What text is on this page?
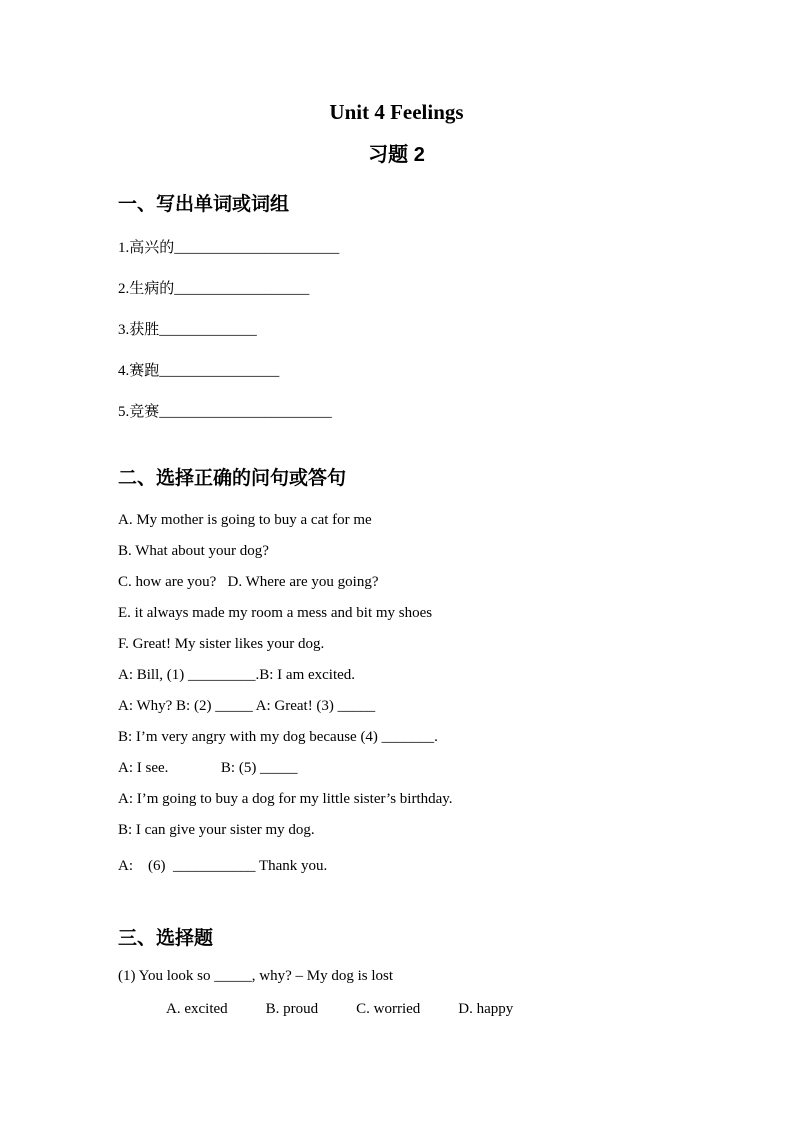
Unit 4 Feelings
习题 2
一、写出单词或词组

1.高兴的______________________

2.生病的__________________

3.获胜_____________

4.赛跑________________

5.竞赛_______________________

二、选择正确的问句或答句

A. My mother is going to buy a cat for me

B. What about your dog?

C. how are you?   D. Where are you going?

E. it always made my room a mess and bit my shoes

F. Great! My sister likes your dog.

A: Bill, (1) _________.B: I am excited.

A: Why? B: (2) _____ A: Great! (3) _____

B: I’m very angry with my dog because (4) _______.

A: I see.              B: (5) _____

A: I’m going to buy a dog for my little sister’s birthday.

B: I can give your sister my dog.

A:    (6)  ___________ Thank you.

三、选择题

(1) You look so _____, why? – My dog is lost

A. excited	B. proud	C. worried	D. happy
